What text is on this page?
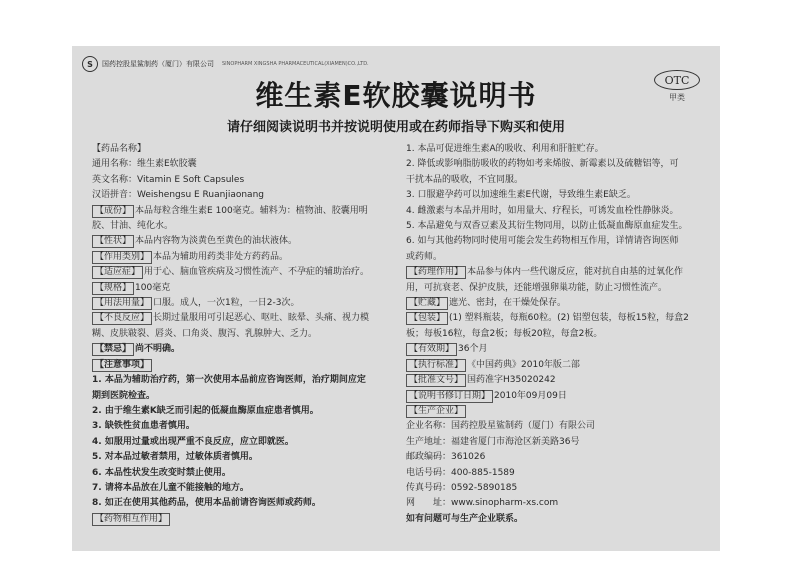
S	国药控股星鲨制药（厦门）有限公司 SINOPHARM XINGSHA PHARMACEUTICAL(XIAMEN)CO.,LTD.
维生素E软胶囊说明书
请仔细阅读说明书并按说明使用或在药师指导下购买和使用
OTC
甲类
【药品名称】
通用名称：维生素E软胶囊
英文名称：Vitamin E Soft Capsules
汉语拼音：Weishengsu E Ruanjiaonang
【成份】 本品每粒含维生素E 100毫克。辅料为：植物油、胶囊用明
胶、甘油、纯化水。
【性状】 本品内容物为淡黄色至黄色的油状液体。
【作用类别】 本品为辅助用药类非处方药药品。
【适应症】 用于心、脑血管疾病及习惯性流产、不孕症的辅助治疗。
【规格】 100毫克
【用法用量】 口服。成人，一次1粒，一日2-3次。
【不良反应】 长期过量服用可引起恶心、呕吐、眩晕、头痛、视力模
糊、皮肤皲裂、唇炎、口角炎、腹泻、乳腺肿大、乏力。
【禁忌】 尚不明确。
【注意事项】
1. 本品为辅助治疗药，第一次使用本品前应咨询医师，治疗期间应定
期到医院检查。
2. 由于维生素K缺乏而引起的低凝血酶原血症患者慎用。
3. 缺铁性贫血患者慎用。
4. 如服用过量或出现严重不良反应，应立即就医。
5. 对本品过敏者禁用，过敏体质者慎用。
6. 本品性状发生改变时禁止使用。
7. 请将本品放在儿童不能接触的地方。
8. 如正在使用其他药品，使用本品前请咨询医师或药师。
【药物相互作用】
1. 本品可促进维生素A的吸收、利用和肝脏贮存。
2. 降低或影响脂肪吸收的药物如考来烯胺、新霉素以及硫糖铝等，可
干扰本品的吸收，不宜同服。
3. 口服避孕药可以加速维生素E代谢，导致维生素E缺乏。
4. 雌激素与本品并用时，如用量大、疗程长，可诱发血栓性静脉炎。
5. 本品避免与双香豆素及其衍生物同用，以防止低凝血酶原血症发生。
6. 如与其他药物同时使用可能会发生药物相互作用，详情请咨询医师
或药师。
【药理作用】 本品参与体内一些代谢反应，能对抗自由基的过氧化作
用，可抗衰老、保护皮肤，还能增强卵巢功能，防止习惯性流产。
【贮藏】 遮光、密封，在干燥处保存。
【包装】 (1) 塑料瓶装，每瓶60粒。(2) 铝塑包装，每板15粒，每盒2
板；每板16粒，每盒2板；每板20粒，每盒2板。
【有效期】 36个月
【执行标准】 《中国药典》2010年版二部
【批准文号】 国药准字H35020242
【说明书修订日期】 2010年09月09日
【生产企业】
企业名称：国药控股星鲨制药（厦门）有限公司
生产地址：福建省厦门市海沧区新美路36号
邮政编码：361026
电话号码：400-885-1589
传真号码：0592-5890185
网　　址：www.sinopharm-xs.com
如有问题可与生产企业联系。
